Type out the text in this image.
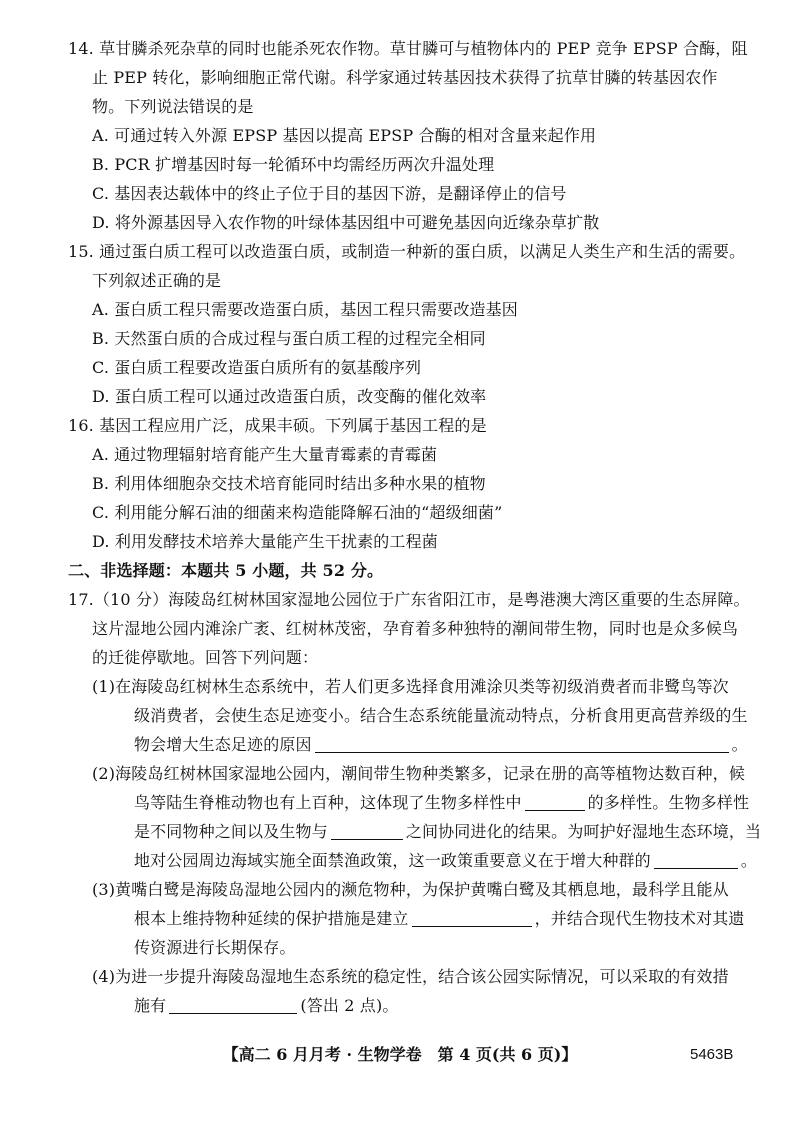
14. 草甘膦杀死杂草的同时也能杀死农作物。草甘膦可与植物体内的 PEP 竞争 EPSP 合酶，阻
止 PEP 转化，影响细胞正常代谢。科学家通过转基因技术获得了抗草甘膦的转基因农作
物。下列说法错误的是
A. 可通过转入外源 EPSP 基因以提高 EPSP 合酶的相对含量来起作用
B. PCR 扩增基因时每一轮循环中均需经历两次升温处理
C. 基因表达载体中的终止子位于目的基因下游，是翻译停止的信号
D. 将外源基因导入农作物的叶绿体基因组中可避免基因向近缘杂草扩散
15. 通过蛋白质工程可以改造蛋白质，或制造一种新的蛋白质，以满足人类生产和生活的需要。
下列叙述正确的是
A. 蛋白质工程只需要改造蛋白质，基因工程只需要改造基因
B. 天然蛋白质的合成过程与蛋白质工程的过程完全相同
C. 蛋白质工程要改造蛋白质所有的氨基酸序列
D. 蛋白质工程可以通过改造蛋白质，改变酶的催化效率
16. 基因工程应用广泛，成果丰硕。下列属于基因工程的是
A. 通过物理辐射培育能产生大量青霉素的青霉菌
B. 利用体细胞杂交技术培育能同时结出多种水果的植物
C. 利用能分解石油的细菌来构造能降解石油的“超级细菌”
D. 利用发酵技术培养大量能产生干扰素的工程菌
二、非选择题：本题共 5 小题，共 52 分。
17.（10 分）海陵岛红树林国家湿地公园位于广东省阳江市，是粤港澳大湾区重要的生态屏障。
这片湿地公园内滩涂广袤、红树林茂密，孕育着多种独特的潮间带生物，同时也是众多候鸟
的迁徙停歇地。回答下列问题：
(1)在海陵岛红树林生态系统中，若人们更多选择食用滩涂贝类等初级消费者而非鹭鸟等次
级消费者，会使生态足迹变小。结合生态系统能量流动特点，分析食用更高营养级的生
物会增大生态足迹的原因	。
(2)海陵岛红树林国家湿地公园内，潮间带生物种类繁多，记录在册的高等植物达数百种，候
鸟等陆生脊椎动物也有上百种，这体现了生物多样性中	的多样性。生物多样性
是不同物种之间以及生物与	之间协同进化的结果。为呵护好湿地生态环境，当
地对公园周边海域实施全面禁渔政策，这一政策重要意义在于增大种群的	。
(3)黄嘴白鹭是海陵岛湿地公园内的濒危物种，为保护黄嘴白鹭及其栖息地，最科学且能从
根本上维持物种延续的保护措施是建立	，并结合现代生物技术对其遗
传资源进行长期保存。
(4)为进一步提升海陵岛湿地生态系统的稳定性，结合该公园实际情况，可以采取的有效措
施有	(答出 2 点)。
【高二 6 月月考 · 生物学卷　第 4 页(共 6 页)】	5463B
